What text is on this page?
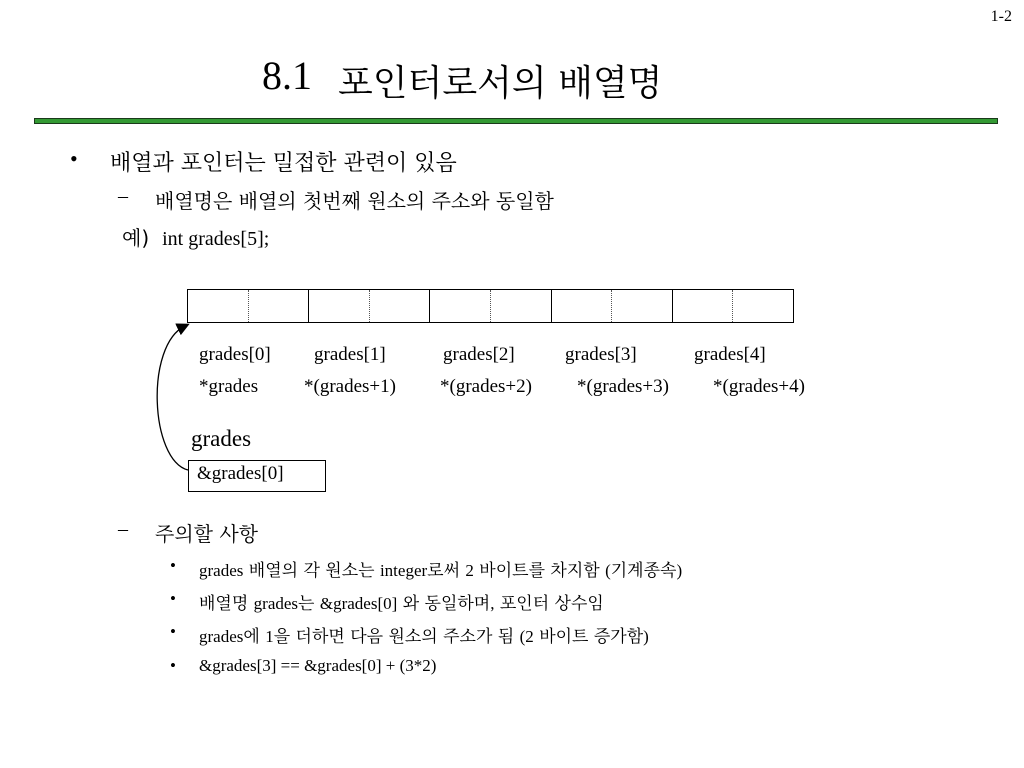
1-2
8.1 포인터로서의 배열명
• 배열과 포인터는 밀접한 관련이 있음
– 배열명은 배열의 첫번째 원소의 주소와 동일함
예) int grades[5];
grades[0] grades[1]	grades[2]	grades[3]	grades[4]
*grades *(grades+1) *(grades+2) *(grades+3) *(grades+4)
grades
&grades[0]
– 주의할 사항
• grades 배열의 각 원소는 integer로써 2 바이트를 차지함 (기계종속)
• 배열명 grades는 &grades[0] 와 동일하며, 포인터 상수임
• grades에 1을 더하면 다음 원소의 주소가 됨 (2 바이트 증가함)
• &grades[3] == &grades[0] + (3*2)
